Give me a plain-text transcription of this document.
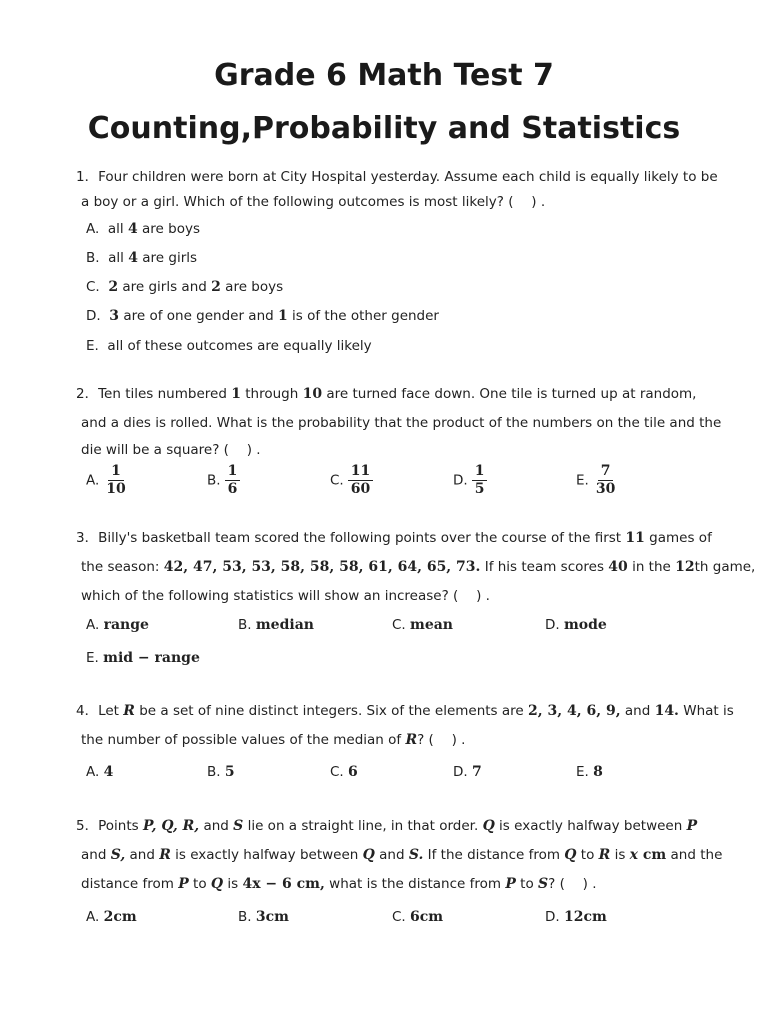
Grade 6 Math Test 7
Counting,Probability and Statistics
1．Four children were born at City Hospital yesterday. Assume each child is equally likely to be
a boy or a girl. Which of the following outcomes is most likely? (　 ) .
A. all 4 are boys
B. all 4 are girls
C. 2 are girls and 2 are boys
D. 3 are of one gender and 1 is of the other gender
E. all of these outcomes are equally likely
2．Ten tiles numbered 1 through 10 are turned face down. One tile is turned up at random,
and a dies is rolled. What is the probability that the product of the numbers on the tile and the
die will be a square? (　 ) .
A. $\frac{1}{10}$	B. $\frac{1}{6}$	C. $\frac{11}{60}$	D. $\frac{1}{5}$	E. $\frac{7}{30}$
3．Billy's basketball team scored the following points over the course of the first 11 games of
the season: 42, 47, 53, 53, 58, 58, 58, 61, 64, 65, 73. If his team scores 40 in the 12th game,
which of the following statistics will show an increase? (　 ) .
A. range	B. median	C. mean	D. mode
E. mid − range
4．Let R be a set of nine distinct integers. Six of the elements are 2, 3, 4, 6, 9, and 14. What is
the number of possible values of the median of R? (　 ) .
A. 4	B. 5	C. 6	D. 7	E. 8
5．Points P, Q, R, and S lie on a straight line, in that order. Q is exactly halfway between P
and S, and R is exactly halfway between Q and S. If the distance from Q to R is x cm and the
distance from P to Q is 4x − 6 cm, what is the distance from P to S? (　 ) .
A. 2cm	B. 3cm	C. 6cm	D. 12cm
